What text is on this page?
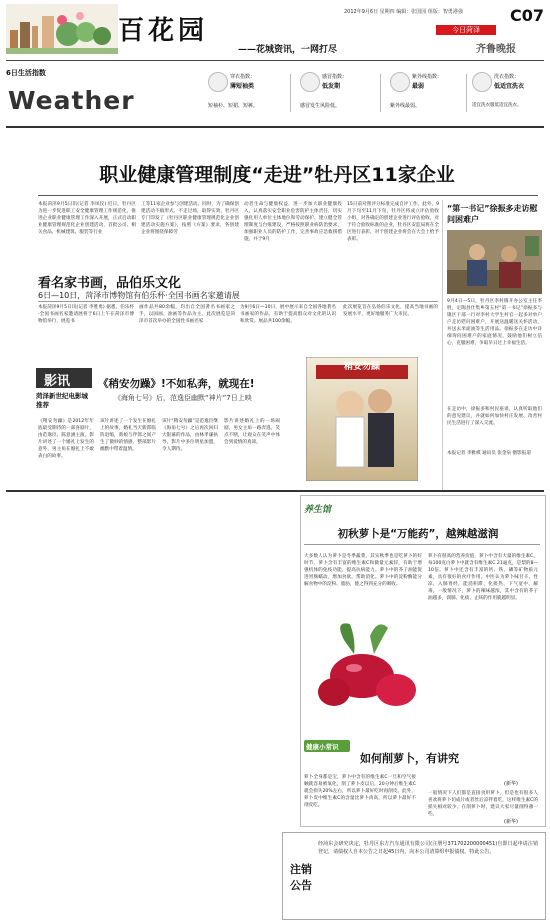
百花园
——花城资讯，一网打尽
2012年9月6日 星期四 编辑：张国园 组版：智勇港强	C07
今日菏泽
齐鲁晚报
6日生活指数
Weather
穿衣指数：
薄短袖类
短袖衫、短裙、短裤。
感冒指数：
低发期
感冒发生风险低。
紫外线指数：
最弱
紫外线最弱。
洗衣指数：
低适宜洗衣
适宜洗衣服低适宜洗衣。
职业健康管理制度“走进”牡丹区11家企业
本报菏泽9月5日讯(记者 李凤仪) 近日，牡丹区为进一步促进职工安全健康管理工作规范化，推进企业职业健康管理工作深入开展，正式启动职业健康管理规范化企业创建活动，首批公司、相关食品、机械建筑、服装等行业
工等11家企业参与创建活动。同时，为了确保创建活动不搞形式、不走过场，取得实效，牡丹区专门印发了《牡丹区职业健康管理规范化企业创建活动实施方案》，按照《方案》要求，各创建企业将围绕保障劳
动者生命与健康权益，进一步加大职业健康投入，认真落实安全职业危害防护主体责任，切实强化用人单位主体地位和劳动保护、建立健全管理制度与台账建设，严格按照职业病防治要求，加强职业人员的防护工作，完善事故应急救援措施，并于9月
15日前对照评分标准完成自评工作。此外，9月下旬至11月下旬，牡丹区将成立评估验收小组，对各确定的创建企业进行评估验收，对于符合验收标准的企业，牡丹区安监局将在全区进行表彰，对于创建企业将会在大会上给予表彰。
“第一书记”徐振多走访慰问困难户
9月4日—5日，牡丹区李村镇开办公室主任李胜，定陶县仕集乡第五村“第一书记”徐振多与镇区干部一行对李村大学生村官一起多对单户户走访慰问困难户，开展送温暖送关怀活动，并送去米面油等生活用品。徐振多在走访中详细询问困难户的家庭情况，鼓励他们树立信心，克服困难，争取早日过上幸福生活。
在走访中，徐振多和村民座谈，认真听取他们的意见建议，并就如何加快村庄发展、改善村民生活进行了深入交流。
本报记者 李雅棋 通讯员 张金泉 摄影报道
看名家书画，品伯乐文化
6日—10日，菏泽市博物馆有伯乐杯·全国书画名家邀请展
本报菏泽9月5日讯(记者 李胜勇) 据悉，伯乐杯·全国书画名家邀请展将于6日上午在菏泽市博物馆举行，展览书
画作品共80余幅，均出自全国著名书画家之手，以国画、油画等作品为主。此次展览是菏泽市首次举办的全国性书画名家
为9月6日—10日，展中展示来自全国各地著名书画家的作品，有助于提高群众对文化的认识和欣赏。展品共100余幅。
此次展览旨在弘扬伯乐文化，提高当地书画的发展水平，更好地服务广大市民。
影讯
菏泽新世纪电影城推荐
《稍安勿躁》!不如私奔，就现在!
《海角七号》后，范逸臣幽默“神片”7日上映
《稍安勿躁》是2012年年底最受期待的一部喜剧片，由范逸臣、陈意涵主演，影片讲述了一个婚礼上发生的意外，男主角在婚礼上不敢表白的故事。
该片讲述了一个发生在婚礼上的故事，婚礼当天新郎临阵退缩，新娘与伴郎之间产生了微妙的情感，整部影片幽默中带着温情。
该片“稍安勿躁”是范逸臣继《海角七号》之后再次回归大银幕的作品，由林孝谦执导，影片中多位明星加盟，令人期待。
影片讲述婚礼上的一场闹剧，男女主角一路奔逃，笑点不断，让观众在笑声中体会到爱情的真谛。
稍安勿躁
养生馆
初秋萝卜是“万能药”，越辣越滋润
大多数人认为萝卜是冬季蔬菜，其实秋季也是吃萝卜的好时节。萝卜含有丰富的维生素C和微量元素锌，有助于增强机体的免疫功能，提高抗病能力。萝卜中的芥子油能促进胃肠蠕动，增加食欲，帮助消化。萝卜中的淀粉酶能分解食物中的淀粉、脂肪，使之得到充分的吸收。
萝卜有很高的营养价值，萝卜中含有大量的维生素C，每100克白萝卜中就含有维生素C 21毫克，是梨的8—10倍。萝卜中还含有丰富的钙、铁、磷等矿物质元素，具有很好的食疗作用。中医认为萝卜味甘辛、性凉，入肺胃经，能消积滞、化痰热、下气宽中、解毒。一般情况下，萝卜的辣味越浓，其中含有的芥子油越多，润肺、化痰、止咳的作用就越明显。
(新华)
健康小常识
如何削萝卜，有讲究
萝卜全身都是宝，萝卜中含有的维生素C一旦和空气接触就容易被氧化，削了萝卜皮以后，20分钟后维生素C就会损失20%左右，所以萝卜最好吃时再削皮。此外，萝卜皮中维生素C的含量比萝卜肉高，所以萝卜最好不削皮吃。
一般情况下人们都是直接食用萝卜，但是也有很多人喜欢将萝卜切成片或者丝后凉拌着吃，这样维生素C的损失相对较少。在削萝卜时，建议大家尽量削得薄一些。
(新华)
注销公告
经菏东会研究决定，牡丹区东方汽车通讯有限公司(注册号371702200000451)自即日起申请注销登记，请债权人自本公告之日起45日内，向本公司清算组申报债权。特此公告。
